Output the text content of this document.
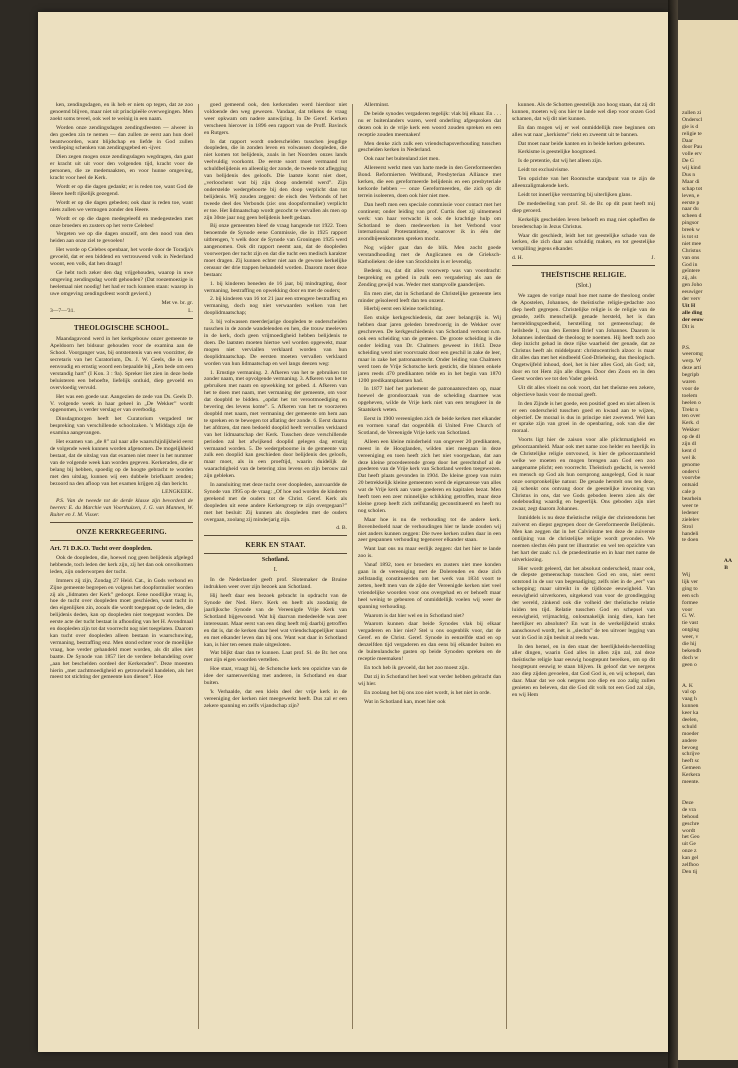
ken, zendingsdagen, en ik heb er niets op tegen, dat ze zoo genoemd blijven, maar niet uit principieële overwegingen. Men zoekt soms teveel, ook wel te weinig in een naam.

Worden onze zendingsdagen zendingsfeesten — alweer in den goeden zin te nemen — dan zullen ze eerst aan hun doel beantwoorden, want blijdschap en liefde in God zullen verdieping schenken van zendingsgebed en -ijver.

Dien zegen mogen onze zendingsdagen wegdragen, dan gaat er kracht uit uit voor den volgenden tijd, kracht voor de personen, die ze medemaakten, en voor hunne omgeving, kracht voor heel de Kerk.

Wordt er op die dagen gedankt; er is reden toe, want God de Heere heeft rijkelijk gezegend.

Wordt er op die dagen gebeden; ook daar is reden toe, want niets zullen we vermogen zonder den Heere.

Wordt er op die dagen medegeleefd en medegesteden met onze broeders en zusters op het verre Celebes!

Vergeten we op die dagen onszelf, om den nood van den heiden aan onze ziel te gevoelen!

Het worde op Celebes openbaar, het worde door de Toradja's gevoeld, dat er een biddend en vertrouwend volk in Nederland woont, een volk, dat hen draagt!

Ge hebt toch zeker den dag vrijgehouden, waarop in uwe omgeving zendingsdag wordt gehouden? (Dat roezemoezige is heelemaal niet noodig! het had er toch kunnen staan: waarop in uwe omgeving zendingsfeest wordt gevierd.)

Met ve. br. gr.

3—7—'31.	L.

THEOLOGISCHE SCHOOL.

Maandagavond werd in het kerkgebouw onzer gemeente te Apeldoorn het bidsuur gehouden voor de examina aan de School. Voorganger was, bij ontstentenis van een voorzitter, de secretaris van het Curatorium, Ds. J. W. Geels, die in een eenvoudig en ernstig woord een bepaalde bij „Een bede om een verstandig hart” (I Kon. 3 : 9a). Spreker liet zien in deze bede beluisteren een behoefte, liefelijk ontluid, diep gevoeld en overvloedig vervuld.

Het was een goede uur. Aangezien de zede van Ds. Geels D. V. volgende week in haar geheel in „De Wekker” wordt opgenomen, is verder verslag er van overbodig.

Dinsdagmorgen heeft het Curatorium vergaderd ter bespreking van verschillende schoolzaken. 's Middags zijn de examina aangevangen.

Het examen van „de 8” zal naar alle waarschijnlijkheid eerst de volgende week kunnen worden afgenomen. De mogelijkheid bestaat, dat de uitslag van dat examen niet meer in het nummer van de volgende week kan worden gegeven. Kerkeraden, die er belang bij hebben, spoedig op de hoogte gebracht te worden met den uitslag, kunnen wij een dubbele briefkaart zenden; bezoord na den afloop van het examen krijgen zij dan bericht.

LENGKEEK.

P.S. Van de tweede tot de derde klasse zijn bevorderd de heeren: E. du Marchie van Voorthuizen, J. G. van Mannen, W. Ruiter en J. M. Visser.

ONZE KERKREGEERING.
Art. 71 D.K.O. Tucht over doopleden.

Ook de doopleden, die, hoewel nog geen belijdenis afgelegd hebbende, toch leden der kerk zijn, zij het dan ook onvolkomen leden, zijn onderworpen der tucht.

Immers zij zijn, Zondag 27 Heid. Cat., in Gods verbond en Zijne gemeente begrepen en volgens het doopformulier worden zij als „lidmaten der Kerk” gedoopt. Eene noodlijke vraag is, hoe de tucht over doopleden moet geschieden, want tucht in den eigenlijken zin, zooals die wordt toegepast op de leden, die belijdenis deden, kan op doopleden niet toegepast worden. De eerste acte der tucht bestaat in afhouding van het H. Avondmaal en doopleden zijn tot dat voorrecht nog niet toegelaten. Daarom kan tucht over doopleden alleen bestaan in waarschuwing, vermaning, bestraffing enz. Men stond echter voor de moeilijke vraag, hoe verder gehandeld moet worden, als dit alles niet baatte. De Synode van 1857 liet de verdere behandeling over „aan het beschelden oordeel der Kerkeraden”. Deze moesten hierin „met zachtmoedigheid en getrouwheid handelen, als het meest tot stichting der gemeente kon dienen”. Hoe

goed gemeend ook, den kerkeraden werd hierdoor niet voldoende den weg gewezen. Vandaar, dat telkens de vraag weer opkwam om nadere aanwijzing. In De Geref. Kerken verscheen hierover in 1896 een rapport van de Proff. Bavinck en Rutgers.

In dat rapport wordt onderscheiden tusschen jeugdige doopleden, die in zonden leven en volwassen doopleden, die niet komen tot belijdenis, zoals in het Noorden onzes lands veelvuldig voorkomt. De eerste soort moet vermaand tot schuldbelijdenis en alleenlig der zonde, de tweede tot aflegging van belijdenis des geloofs. Die laatste komt niet doet, „verloochent wat bij zijn doop onderteld werd”. Zijn onderstelde wedergeboorte bij den doop verplicht dan tot belijdenis. Wij zouden zeggen: de eisch des Verbonds of het tweede deel des Verbonds (zie: ons doopsformulier) verplicht er toe. Het lidmaatschap wordt gezocht te vervallen als men op zijn 30ste jaar nog geen belijdenis heeft gedaan.

Bij onze gemeenten bleef de vraag hangende tot 1922. Toen benoemde de Synode eene Commissie, die in 1925 rapport uitbrengen, 't welk door de Synode van Groningen 1925 werd aangenomen. Ook dit rapport neemt aan, dat de doopleden voorwerpen der tucht zijn en dat die tucht een medisch karakter moet dragen. Zij kunnen echter niet aan de gewone kerkelijke censuur der drie trappen behandeld worden. Daarom moet deze bestaan:

1. bij kinderen beneden de 16 jaar, bij mindragting, door vermaning, bestraffing en opwekking door en met de ouders;

2. bij kinderen van 16 tot 21 jaar een strengere bestraffing en vermaning, doch nog niet verwaarden welken van het dooplidmaatschap;

3. bij volwassen meerderjarige doopleden te onderscheiden tusschen in de zonde wandelenden en hen, die trouw meeleven in de kerk, doch geen vrijmoedigheid hebben belijdenis te doen. De laatsten moeten hiertoe wel worden opgewekt, maar mogen niet verviallen verklaard worden van hun dooplidmaatschap. De eersten moeten vervallen verklaard worden van hun lidmaatschap en wel langs deezen weg:

1. Ernstige vermaning. 2. Afkeren van het te gebruiken tot zonder naam, met opvolgende vermaning. 3. Afkeren van het te gebruiken met naam en opwekking tot gebed. 4. Afkeren van het te doen met naam, met vermaning der gemeente, om voor dat doopbld te bidden. „opdat het tot verootmoediging en bevering des levens kome”. 5. Afkeren van het te voorzeren doopbld met naam, met vermaning der gemeente om hem aan te spreken en te bewegen tot aflating der zonde. 6. Eerst daarna het afdrzen, dat men bedoeld dooplid heeft vervallen verklaard van het lidmaatschap der Kerk. Tusschen deze verschillende perioden zal het afwijkend dooplid gelegen dag ernstig vermaand worden. 5. De wedergeboorne in de gemeente van zulk een dooplid kan geschieden door belijdenis des geloofs, maar moet, als in een proeftijd, waarin duidelijk de waarachtigheid van de betering zins levens en zijn berouw zal zijn gebleken.

In aansluiting met deze tucht over doopleden, aanvaardde de Synode van 1995 op de vraag: „Of hoe oud worden de kinderen gerekend met de ouders tot de Christ. Geref. Kerk als doopleden uit eene andere Kerkengroep te zijn overgegaan?” met het besluit: Zij kunnen als doopleden met de ouders overgaan, zoolang zij minderjarig zijn.

d. B.

KERK EN STAAT.
Schotland.
I.

In de Nederlander geeft prof. Slotemaker de Bruine indrukken weer over zijn bezoek aan Schotland.

Hij heeft daar een bezoek gebracht in opdracht van de Synode der Ned. Herv. Kerk en heeft als zoodanig de jaarlijksche Synode van de Vereenigde Vrije Kerk van Schotland bijgewoond. Wat hij daarvan mededeelde was zeer interessant. Maar eerst van een ding heeft mij daarbij getroffen en dat is, dat de kerken daar heel wat vriendschappelijker naast en met elkander leven dan bij ons. Want wat daar in Schotland kan, is hier ten eenen male uitgesloten.

Wat blijkt daar dan te kunnen. Laat prof. Sl. de Br. het ons met zijn eigen woorden vertellen.

Hoe staat, vraagt hij, de Schotsche kerk ten opzichte van de idee der samenwerking met anderen, in Schotland en daar buiten.

'k Verhaalde, dat een klein deel der vrije kerk in de vereeniging der kerken niet meegewerkt heeft. Dus zal er een zekere spanning en zelfs vijandschap zijn?

Allerminst.

De beide synodes vergaderen tegelijk: vlak bij elkaar. En . . . nu er buitenlanders waren, werd onderling afgesproken dat dezen ook in de vrije kerk een woord zouden spreken en een receptie zouden meemaken!

Men denke zich zulk een vriendschapsverhouding tusschen gescheiden kerken in Nederland.

Ook naar het buitenland ziet men.

Allereerst werkt men van harte mede in den Gereformeerden Bond. Reformierten Weltbund, Presbyterian Alliance met kerken, die een gereformeerde belijdenis en een presbyteriale kerkorde hebben — onze Gereformeerden, die zich op dit terrein isoleeren, doen ook hier niet mee.

Dan heeft men een speciale commissie voor contact met het continent; onder leiding van prof. Curtis doet zij uitnemend werk: van haar verwacht ik ook de krachtige hulp om Schotland te doen medewerken in het Verbond voor internationaal Protestantisme, waarover ik in één der avondbijeenkomsten spreken mocht.

Nog wijder gaat dan de blik. Men zocht goede verstandhouding met de Anglicanen en de Grieksch-Katholieken: de idee van Stockholm is er levendig.

Bedenk nu, dat dit alles voorwerp was van voordracht: bespreking en gebed in zulk een vergadering als aan de Zending gewijd was. Weder met stampvolle gaanderijen.

En men ziet, dat in Schotland de Christelijke gemeente iets minder geïsoleerd leeft dan ten onzent.

Hierbij eerst een kleine toelichting.

Een stukje kerkgeschiedenis, dat zeer belangrijk is. Wij hebben daar jaren geleden breedvoerig in de Wekker over geschreven. De kerkgeschiedenis van Schotland vertoont n.m. ook een scheiding van de gemeen. De groote scheiding is die onder leiding van Dr. Chalmers geweest in 1843. Deze scheiding werd niet voorvraakt door een geschil in zake de leer, maar in zake het patronaatsrecht. Onder leiding van Chalmers werd toen de Vrije Schotsche kerk gesticht, die binnen enkele jaren reeds 470 predikanten telde en in het begin van 1870 1200 predikantsplaatsen had.

In 1877 hief het parlement de patronaatsrechten op, maar hoewel de grondoorzaak van de scheiding daarmee was opgeheven, wilde de Vrije kerk niet van een terugkeer in de Staatskerk weten.

Eerst in 1900 vereenigden zich de beide kerken met elkander en vormen vanaf dat oogenblik di United Free Church of Scotland, de Vereenigde Vrije kerk van Schotland.

Alleen een kleine minderheid van ongeveer 20 predikanten, meest in de Hooglanden, wilden niet meegaan in deze vereeniging en toen heeft zich het niet voorgedaan, dat aan deze kleine procedeerende groep door het gerechtshof al de goederen van de Vrije kerk van Schotland werden toegewezen. Dat heeft plaats gevonden in 1904. De kleine groep van ruim 20 betrekkelijk kleine gemeenten werd de eigenaresse van alles wat de Vrije kerk aan vaste goederen en kapitalen bezat. Men heeft toen een zeer minnelijke schikking getroffen, maar deze kleine groep heeft zich zelfstandig geconstitueerd en heeft nu nog scholen.

Maar hoe is nu de verhouding tot de andere kerk. Bovenbedoeld naar de verhoudingen hier te lande zouden wij niet anders kunnen zeggen: Die twee kerken zullen daar in een zeer gespannen verhouding tegenover elkander staan.

Want laat ons nu maar eerlijk zeggen: dat het hier te lande zoo is.

Vanaf 1892, toen er broeders en zusters niet mee konden gaan in de vereeniging met de Dolerenden en deze zich zelfstandig constitueerden om het werk van 1834 voort te zetten, heeft men van de zijde der Vereenigde kerken niet veel vriendelijke woorden voor ons overgehad en er behoeft maar heel weinig te gebeuren of onmiddellijk voelen wij weer de spanning verhouding.

Waarom is dat hier wel en in Schotland niet?

Waarom kunnen daar beide Synodes vlak bij elkaar vergaderen en hier niet? Stel u ons oogenblik voor, dat de Geref. en de Christ. Geref. Synode in eenzelfde stad en op denzelfden tijd vergaderen en dan eens bij elkander buiten en de buitenlandsche gasten op beide Synoden spreken en de receptie meemaken!

En toch heb ik gevoeld, dat het zoo moest zijn.

Dat zij in Schotland het heel wat verder hebben gebracht dan wij hier.

En zoolang het bij ons zoo niet wordt, is het niet in orde.

Wat in Schotland kan, moet hier ook

kunnen. Als de Schotten geestelijk zoo hoog staan, dat zij dit kunnen, moeten wij ons hier te lande wel diep voor onzen God schamen, dat wij dit niet kunnen.

En dan mogen wij er wel onmiddellijk mee beginnen om alles wat naar „kerkisme” riekt en zweemt uit te bannen.

Dat moet naar beide kanten en in beide kerken gebeuren.

Kerkisme is geestelijke hoogmoed.

Is de pretentie, dat wij het alleen zijn.

Leidt tot exclusivisme.

Ten opzichte van het Roomsche standpunt van te zijn de alleenzaligmakende kerk.

Leidt tot innerlijke verstarring bij uiterlijken glans.

De mededeeling van prof. Sl. de Br. op dit punt heeft mij diep geroerd.

Kerkelijk gescheiden leven behoeft en mag niet opheffen de broederschap in Jezus Christus.

Waar dit geschiedt, leidt het tot geestelijke schade van de kerken, die zich daar aan schuldig maken, en tot geestelijke verspilling jegens elkander.

d. H.	J.

THEÏSTISCHE RELIGIE.
(Slot.)

We zagen de vorige maal hoe met name de theoloog onder de Apostelen, Johannes, de theïstische religie-gedachte zoo diep heeft gegrepen. Christelijke religie is de religie van de genade, zelfs menschelijk genade hersteld, het is dan hersteldingsgoedheid, herstelling tot gemeenschap; de heilsbede I, van den Eersten Brief van Johannes. Daarom is Johannes inderdaad de theoloog te noemen. Hij heeft toch zoo diep inzicht gehad in deze rijke waarheid der genade, dat ze Christus heeft als middelpunt: christocentrisch alzoo: is maar dit alles dan met het eindbeeld God-Drieheing, dus theologisch. Ongetwijfeld inhoud, doel, het is hier alles God, als God; uit, door en tot Hem zijn alle dingen. Door den Zoon en in den Geest worden we tot den Vader geleid.

Uit dit alles vloeit nu ook voort, dat het theïsme een zekere, objectieve basis voor de moraal geeft.

In den Zijnde is het goede, een positief goed en niet alleen is er een onderscheid tusschen goed en kwaad aan te wijzen, objectief. De moraal is dus in principe niet zwevend. Wel kan er sprake zijn van groei in de openbaring, ook van die der moraal.

Voorts ligt hier de zaison voor alle plichtmatigheid en gehoorzaamheid. Maar ook met name zoo helder en heerlijk in de Christelijke religie ontvouwd, is hier de gehoorzaamheid welke we moeten en mogen brengen aan God een zoo aangename plicht; een voorrecht. Theïstisch gedacht, is wereld en mensch op God als hun oorsprong aangelegd, God is naar onze oorspronkelijke natuur. De genade herstelt ons ten deze, zij schenkt ons ontvang door de geestelijke inwoning van Christus in ons, dat we Gods geboden leeren zien als der ondebouding waardig en begeerlijk. Ons geboden zijn niet zwaar, zegt daarom Johannes.

Inmiddels is nu deze theïstische religie der christendoms het zuiverst en diepst gegrepen door de Gereformeerde Belijdenis. Men kan zeggen dat in het Calvinisme ten deze de zuiverste ontlijning van de christelijke religie wordt gevonden. We noemen slechts één punt ter illustratie: en wel ten opzichte van het hart der zaak: n.l. de praedestinatie en in haar met name de uitverkiezing.

Hier wordt geleerd, dat het absoluut onderscheid, maar ook, de diepste gemeenschap tusschen God en ons, niet eerst ontstond in de uur van begenadiging; zelfs niet in de „eer” van schepping; maar uitreikt in de tijdlooze eeuwigheid. Van eeuwigheid uitverkoren, uitgekend van voor de grondlegging der wereld, zinkend ook die volheid der theïstische relatie luiden ten tijd. Relatie tusschen God en schepsel van eeuwigheid, vrijmachtig, onlosmakelijk innig dien, kan het heerlijker en absoluter? En wat in de werkelijkheid straks aanschouwd wordt, het is „slechts” de ten uitvoer legging van wat in God in zijn besluit al reeds was.

In den hemel, en in den staat der heerlijkheids-herstelling aller dingen, waarin God alles in allen zijn zal, zal deze theïstische religie haar eeuwig hoogtepunt bereiken, om op dit hoogtepunt eeuwig te staan blijven. Ik geloof dat we nergens zoo diep zijden gevoelen, dat God God is, en wij schepsel, dan daar. Maar dat we ook nergens zoo diep en zoo zalig zullen genieten en beleven, dat die God dit volk tot een God zal zijn, en wij Hem

zullen zi
Onderscl
gie is d
religie te
Daar
door Pau
volle erv
De G
wij kind
Dus n
Maar di
schap tot
leven, e
eerste p
naar du
scheen d
pingsor
breek w
is tot st
niet mee
Christus
van ons
God in
geïntere
zij, als
gen Joho
eeuwiger
der verv
Uit H
alle ding
der eeuw
Dit is
P.S.
weeromg
werp. W
deze arti
begripb
waren
voor de
toelem
heelen o
Trekt n
ten over
Kerk. d
Wekker
op de dl
zijn dl
kent d
wel ik
genome
ondervi
voorvbe
ontsaid
cale p
bearhein
weer te
ledener
zielelev
Strol
handeli
te doen
AA
B
Wij
lijk ver
ging to
een sch
formee
voor
G. W.
tie vast
ontging
weer, v
die hij
bekendh
doch w
geen o
A. K
val op
vaag h
kunnen
keer ka
deelen,
schuld
moeder
andere
bevoeg
schrijve
heeft sc
Gemeen
Kerkera
meente.
Deze
de vra
behoud
geschre
wordt
het Geo
uit Ge
onze z
kan gel
zelfhoo
Den tij
